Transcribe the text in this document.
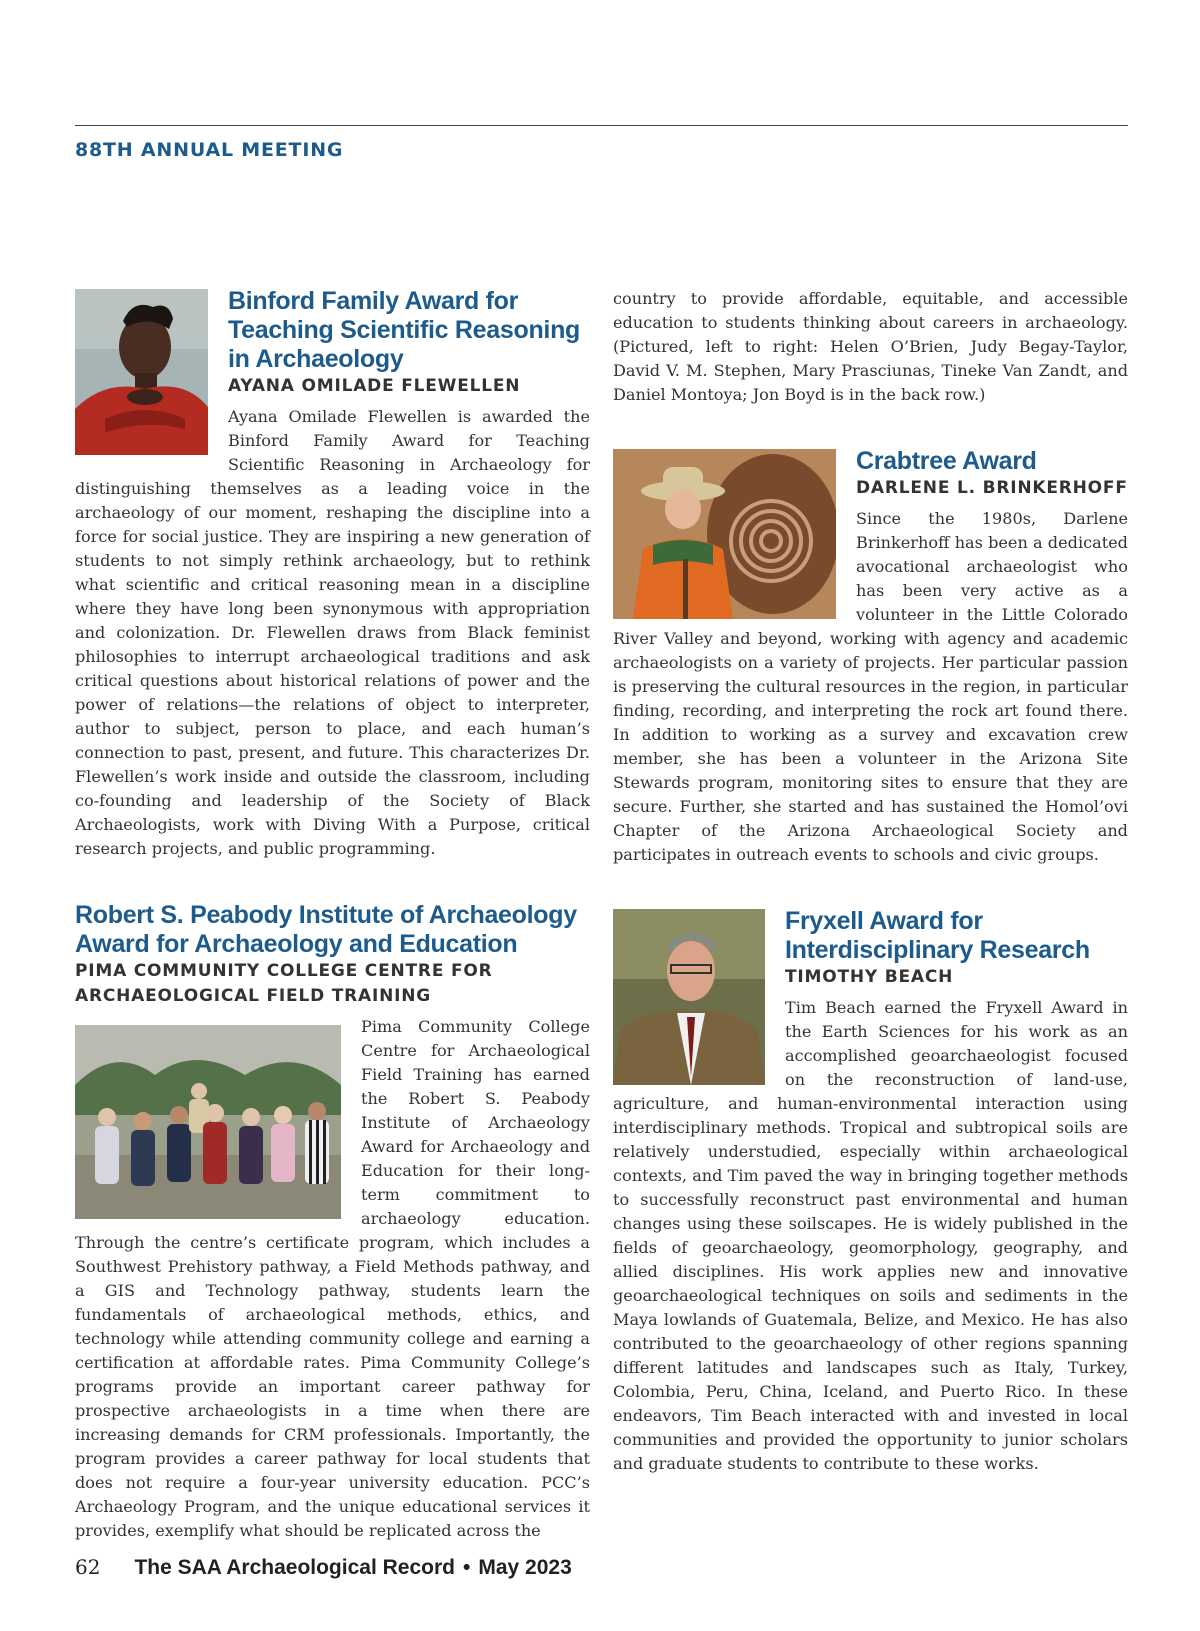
88TH ANNUAL MEETING
Binford Family Award for Teaching Scientific Reasoning in Archaeology
AYANA OMILADE FLEWELLEN
Ayana Omilade Flewellen is awarded the Binford Family Award for Teaching Scientific Reasoning in Archaeology for distinguishing themselves as a leading voice in the archaeology of our moment, reshaping the discipline into a force for social justice. They are inspiring a new generation of students to not simply rethink archaeology, but to rethink what scientific and critical reasoning mean in a discipline where they have long been synonymous with appropriation and colonization. Dr. Flewellen draws from Black feminist philosophies to interrupt archaeological traditions and ask critical questions about historical relations of power and the power of relations—the relations of object to interpreter, author to subject, person to place, and each human’s connection to past, present, and future. This characterizes Dr. Flewellen’s work inside and outside the classroom, including co-founding and leadership of the Society of Black Archaeologists, work with Diving With a Purpose, critical research projects, and public programming.
Robert S. Peabody Institute of Archaeology Award for Archaeology and Education
PIMA COMMUNITY COLLEGE CENTRE FOR ARCHAEOLOGICAL FIELD TRAINING
Pima Community College Centre for Archaeological Field Training has earned the Robert S. Peabody Institute of Archaeology Award for Archaeology and Education for their long-term commitment to archaeology education. Through the centre’s certificate program, which includes a Southwest Prehistory pathway, a Field Methods pathway, and a GIS and Technology pathway, students learn the fundamentals of archaeological methods, ethics, and technology while attending community college and earning a certification at affordable rates. Pima Community College’s programs provide an important career pathway for prospective archaeologists in a time when there are increasing demands for CRM professionals. Importantly, the program provides a career pathway for local students that does not require a four-year university education. PCC’s Archaeology Program, and the unique educational services it provides, exemplify what should be replicated across the
country to provide affordable, equitable, and accessible education to students thinking about careers in archaeology. (Pictured, left to right: Helen O’Brien, Judy Begay-Taylor, David V. M. Stephen, Mary Prasciunas, Tineke Van Zandt, and Daniel Montoya; Jon Boyd is in the back row.)
Crabtree Award
DARLENE L. BRINKERHOFF
Since the 1980s, Darlene Brinkerhoff has been a dedicated avocational archaeologist who has been very active as a volunteer in the Little Colorado River Valley and beyond, working with agency and academic archaeologists on a variety of projects. Her particular passion is preserving the cultural resources in the region, in particular finding, recording, and interpreting the rock art found there. In addition to working as a survey and excavation crew member, she has been a volunteer in the Arizona Site Stewards program, monitoring sites to ensure that they are secure. Further, she started and has sustained the Homol’ovi Chapter of the Arizona Archaeological Society and participates in outreach events to schools and civic groups.
Fryxell Award for Interdisciplinary Research
TIMOTHY BEACH
Tim Beach earned the Fryxell Award in the Earth Sciences for his work as an accomplished geoarchaeologist focused on the reconstruction of land-use, agriculture, and human-environmental interaction using interdisciplinary methods. Tropical and subtropical soils are relatively understudied, especially within archaeological contexts, and Tim paved the way in bringing together methods to successfully reconstruct past environmental and human changes using these soilscapes. He is widely published in the fields of geoarchaeology, geomorphology, geography, and allied disciplines. His work applies new and innovative geoarchaeological techniques on soils and sediments in the Maya lowlands of Guatemala, Belize, and Mexico. He has also contributed to the geoarchaeology of other regions spanning different latitudes and landscapes such as Italy, Turkey, Colombia, Peru, China, Iceland, and Puerto Rico. In these endeavors, Tim Beach interacted with and invested in local communities and provided the opportunity to junior scholars and graduate students to contribute to these works.
62 The SAA Archaeological Record • May 2023
